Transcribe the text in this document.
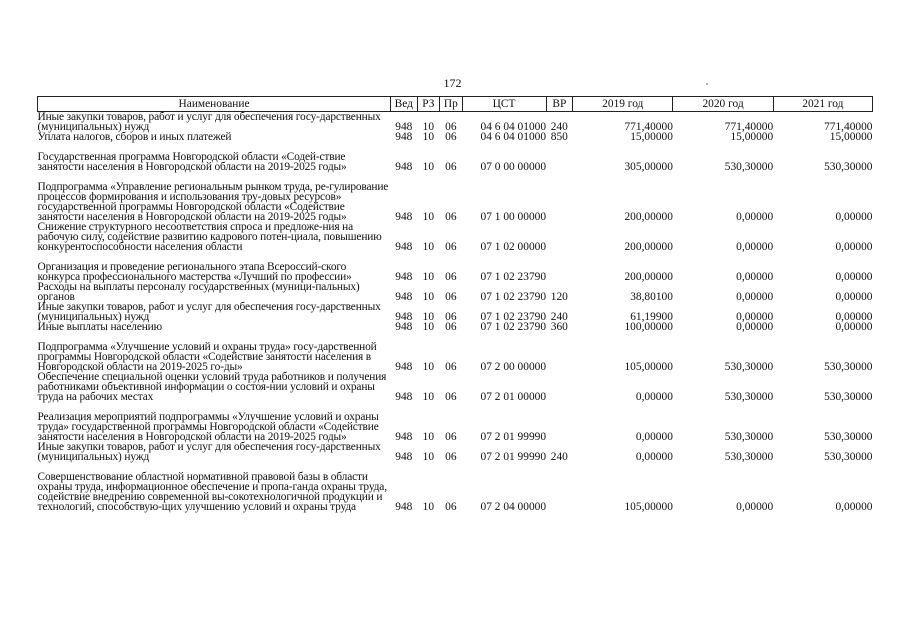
172
Наименование	Вед	РЗ	Пр	ЦСТ	ВР	2019 год	2020 год	2021 год
Иные закупки товаров, работ и услуг для обеспечения госу-дарственных (муниципальных) нужд	948	10	06	04 6 04 01000	240	771,40000	771,40000	771,40000
Уплата налогов, сборов и иных платежей	948	10	06	04 6 04 01000	850	15,00000	15,00000	15,00000
Государственная программа Новгородской области «Содей-ствие занятости населения в Новгородской области на 2019-2025 годы»	948	10	06	07 0 00 00000		305,00000	530,30000	530,30000
Подпрограмма «Управление региональным рынком труда, ре-гулирование процессов формирования и использования тру-довых ресурсов» государственной программы Новгородской области «Содействие занятости населения в Новгородской области на 2019-2025 годы»	948	10	06	07 1 00 00000		200,00000	0,00000	0,00000
Снижение структурного несоответствия спроса и предложе-ния на рабочую силу, содействие развитию кадрового потен-циала, повышению конкурентоспособности населения области	948	10	06	07 1 02 00000		200,00000	0,00000	0,00000
Организация и проведение регионального этапа Всероссий-ского конкурса профессионального мастерства «Лучший по профессии»	948	10	06	07 1 02 23790		200,00000	0,00000	0,00000
Расходы на выплаты персоналу государственных (муници-пальных) органов	948	10	06	07 1 02 23790	120	38,80100	0,00000	0,00000
Иные закупки товаров, работ и услуг для обеспечения госу-дарственных (муниципальных) нужд	948	10	06	07 1 02 23790	240	61,19900	0,00000	0,00000
Иные выплаты населению	948	10	06	07 1 02 23790	360	100,00000	0,00000	0,00000
Подпрограмма «Улучшение условий и охраны труда» госу-дарственной программы Новгородской области «Содействие занятости населения в Новгородской области на 2019-2025 го-ды»	948	10	06	07 2 00 00000		105,00000	530,30000	530,30000
Обеспечение специальной оценки условий труда работников и получения работниками объективной информации о состоя-нии условий и охраны труда на рабочих местах	948	10	06	07 2 01 00000		0,00000	530,30000	530,30000
Реализация мероприятий подпрограммы «Улучшение условий и охраны труда» государственной программы Новгородской области «Содействие занятости населения в Новгородской области на 2019-2025 годы»	948	10	06	07 2 01 99990		0,00000	530,30000	530,30000
Иные закупки товаров, работ и услуг для обеспечения госу-дарственных (муниципальных) нужд	948	10	06	07 2 01 99990	240	0,00000	530,30000	530,30000
Совершенствование областной нормативной правовой базы в области охраны труда, информационное обеспечение и пропа-ганда охраны труда, содействие внедрению современной вы-сокотехнологичной продукции и технологий, способствую-щих улучшению условий и охраны труда	948	10	06	07 2 04 00000		105,00000	0,00000	0,00000
